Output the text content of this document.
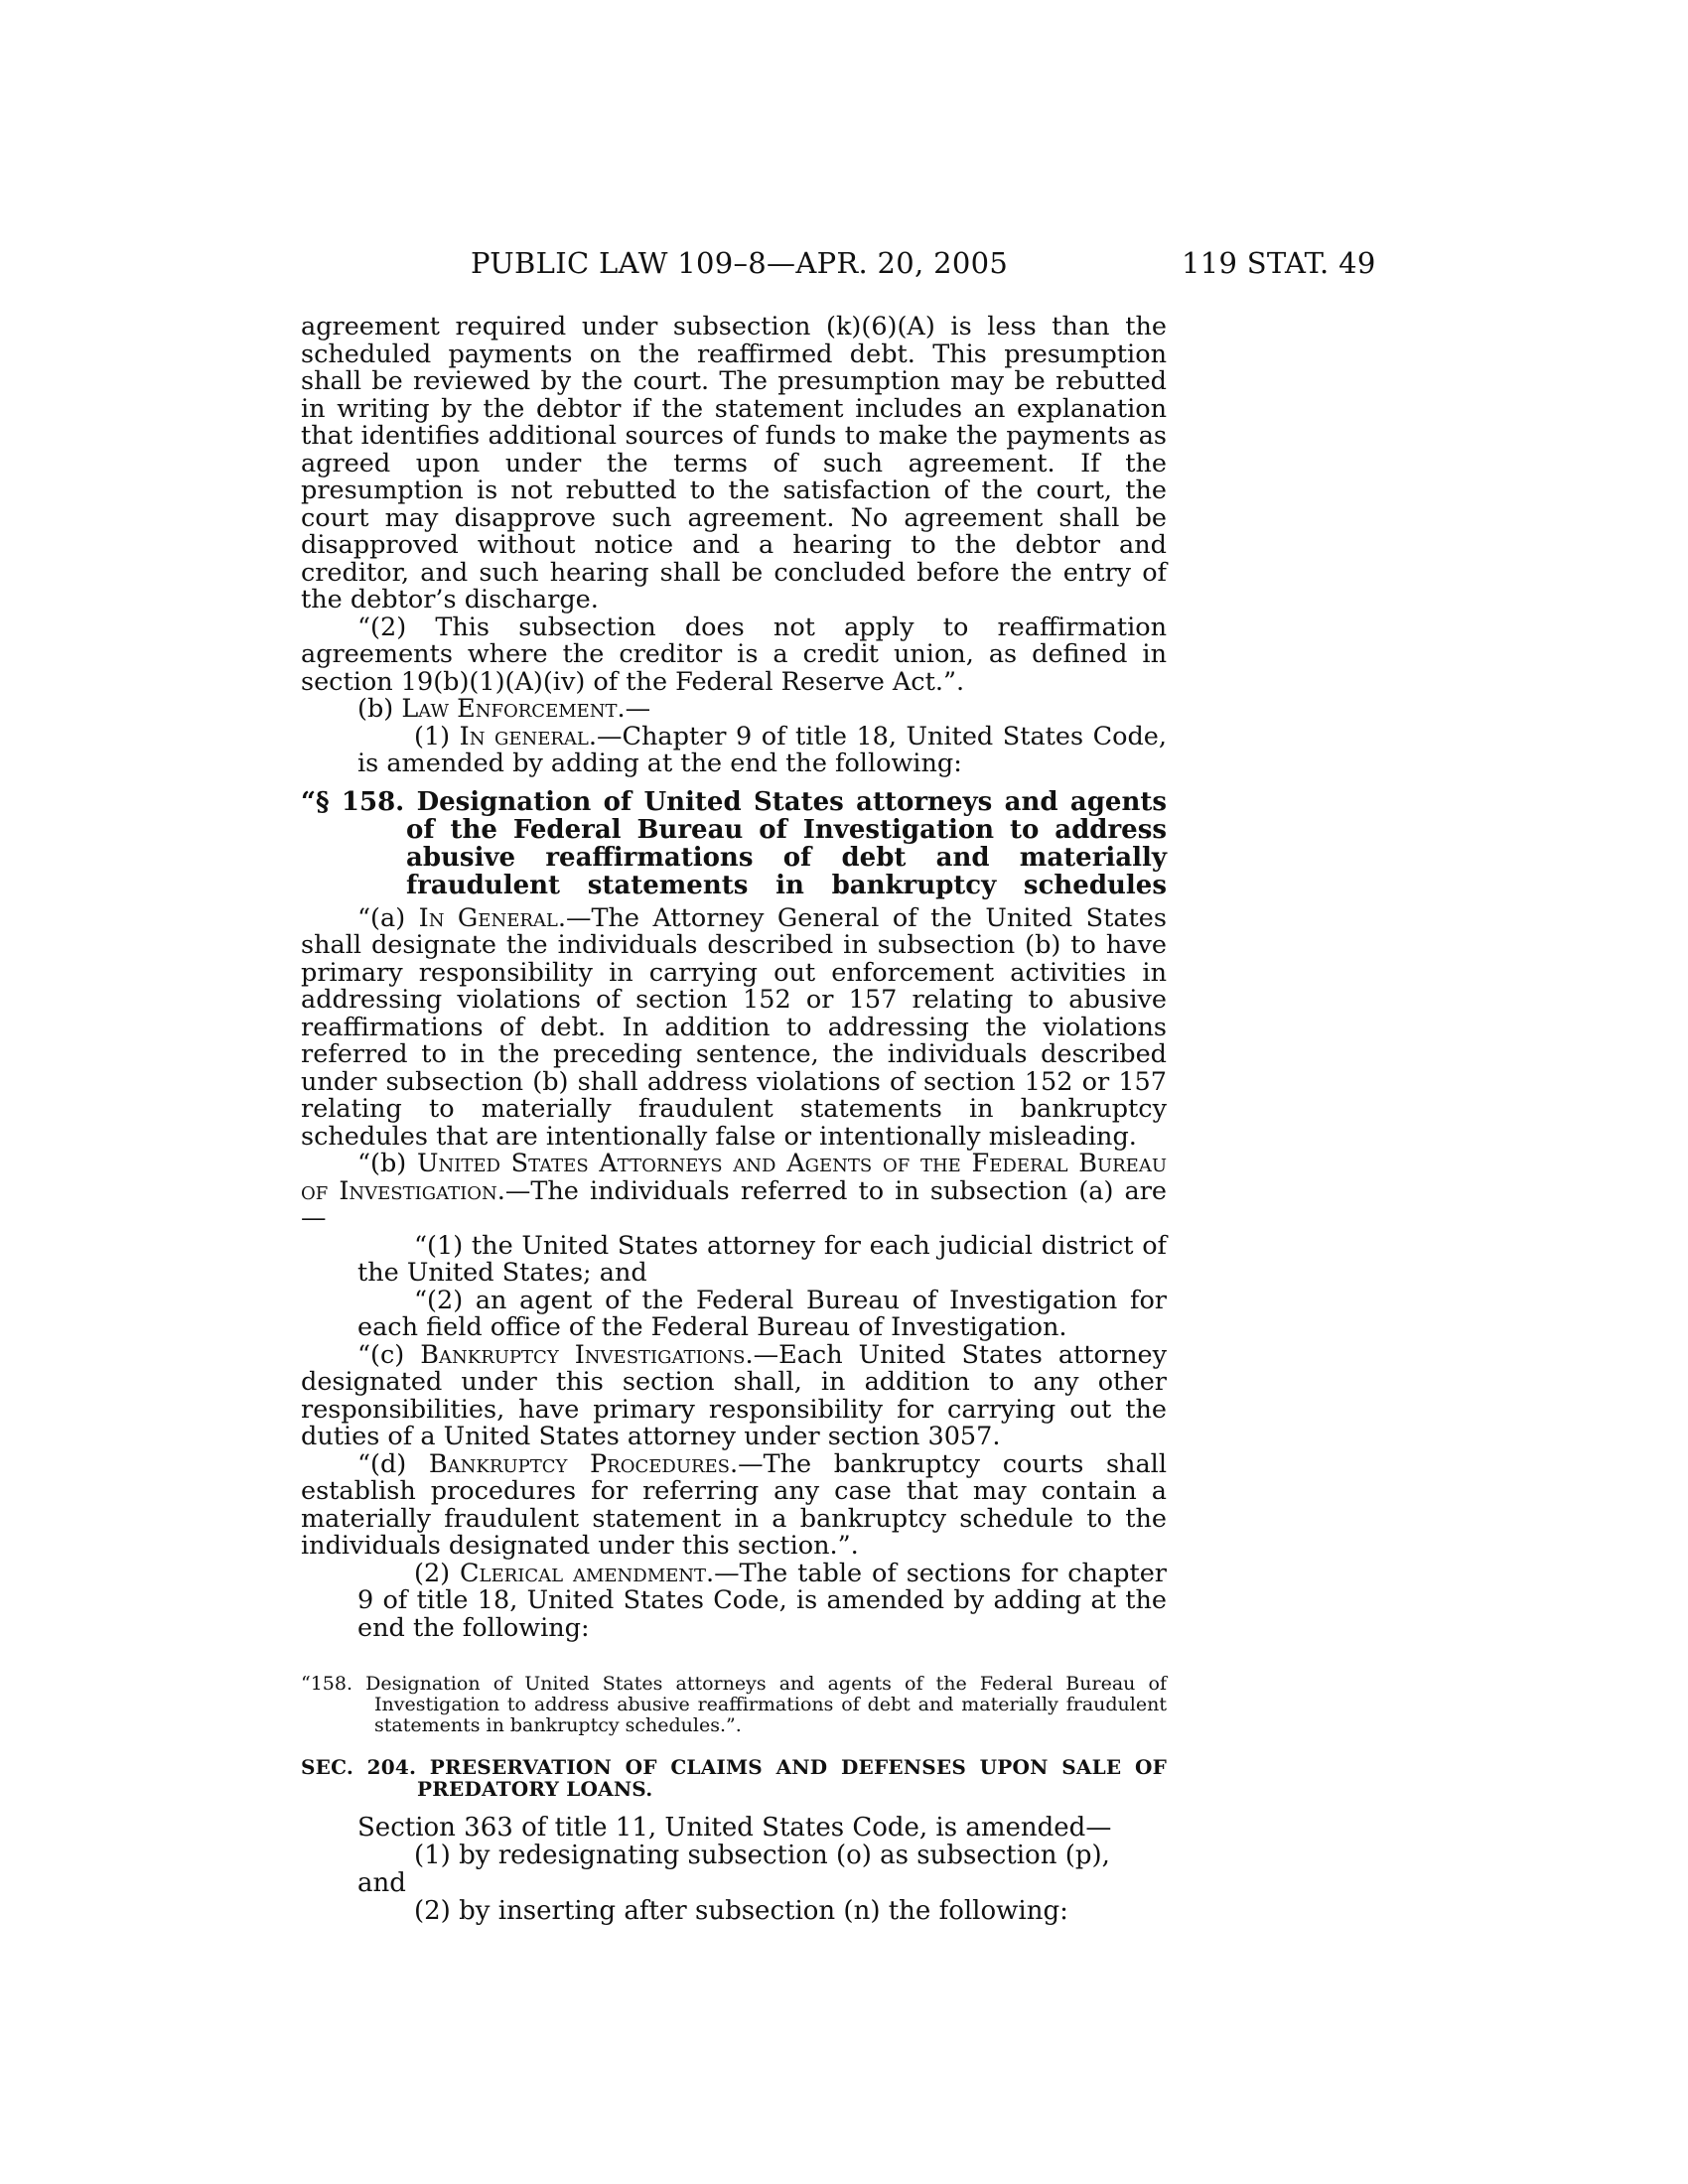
PUBLIC LAW 109–8—APR. 20, 2005	119 STAT. 49

agreement required under subsection (k)(6)(A) is less than the scheduled payments on the reaffirmed debt. This presumption shall be reviewed by the court. The presumption may be rebutted in writing by the debtor if the statement includes an explanation that identifies additional sources of funds to make the payments as agreed upon under the terms of such agreement. If the presumption is not rebutted to the satisfaction of the court, the court may disapprove such agreement. No agreement shall be disapproved without notice and a hearing to the debtor and creditor, and such hearing shall be concluded before the entry of the debtor’s discharge.

“(2) This subsection does not apply to reaffirmation agreements where the creditor is a credit union, as defined in section 19(b)(1)(A)(iv) of the Federal Reserve Act.”.

(b) Law Enforcement.—

(1) In general.—Chapter 9 of title 18, United States Code, is amended by adding at the end the following:

“§ 158. Designation of United States attorneys and agents of the Federal Bureau of Investigation to address abusive reaffirmations of debt and materially fraudulent statements in bankruptcy schedules

“(a) In General.—The Attorney General of the United States shall designate the individuals described in subsection (b) to have primary responsibility in carrying out enforcement activities in addressing violations of section 152 or 157 relating to abusive reaffirmations of debt. In addition to addressing the violations referred to in the preceding sentence, the individuals described under subsection (b) shall address violations of section 152 or 157 relating to materially fraudulent statements in bankruptcy schedules that are intentionally false or intentionally misleading.

“(b) United States Attorneys and Agents of the Federal Bureau of Investigation.—The individuals referred to in subsection (a) are—

“(1) the United States attorney for each judicial district of the United States; and

“(2) an agent of the Federal Bureau of Investigation for each field office of the Federal Bureau of Investigation.

“(c) Bankruptcy Investigations.—Each United States attorney designated under this section shall, in addition to any other responsibilities, have primary responsibility for carrying out the duties of a United States attorney under section 3057.

“(d) Bankruptcy Procedures.—The bankruptcy courts shall establish procedures for referring any case that may contain a materially fraudulent statement in a bankruptcy schedule to the individuals designated under this section.”.

(2) Clerical amendment.—The table of sections for chapter 9 of title 18, United States Code, is amended by adding at the end the following:

“158. Designation of United States attorneys and agents of the Federal Bureau of Investigation to address abusive reaffirmations of debt and materially fraudulent statements in bankruptcy schedules.”.

SEC. 204. PRESERVATION OF CLAIMS AND DEFENSES UPON SALE OF PREDATORY LOANS.

Section 363 of title 11, United States Code, is amended—

(1) by redesignating subsection (o) as subsection (p), and

(2) by inserting after subsection (n) the following:
